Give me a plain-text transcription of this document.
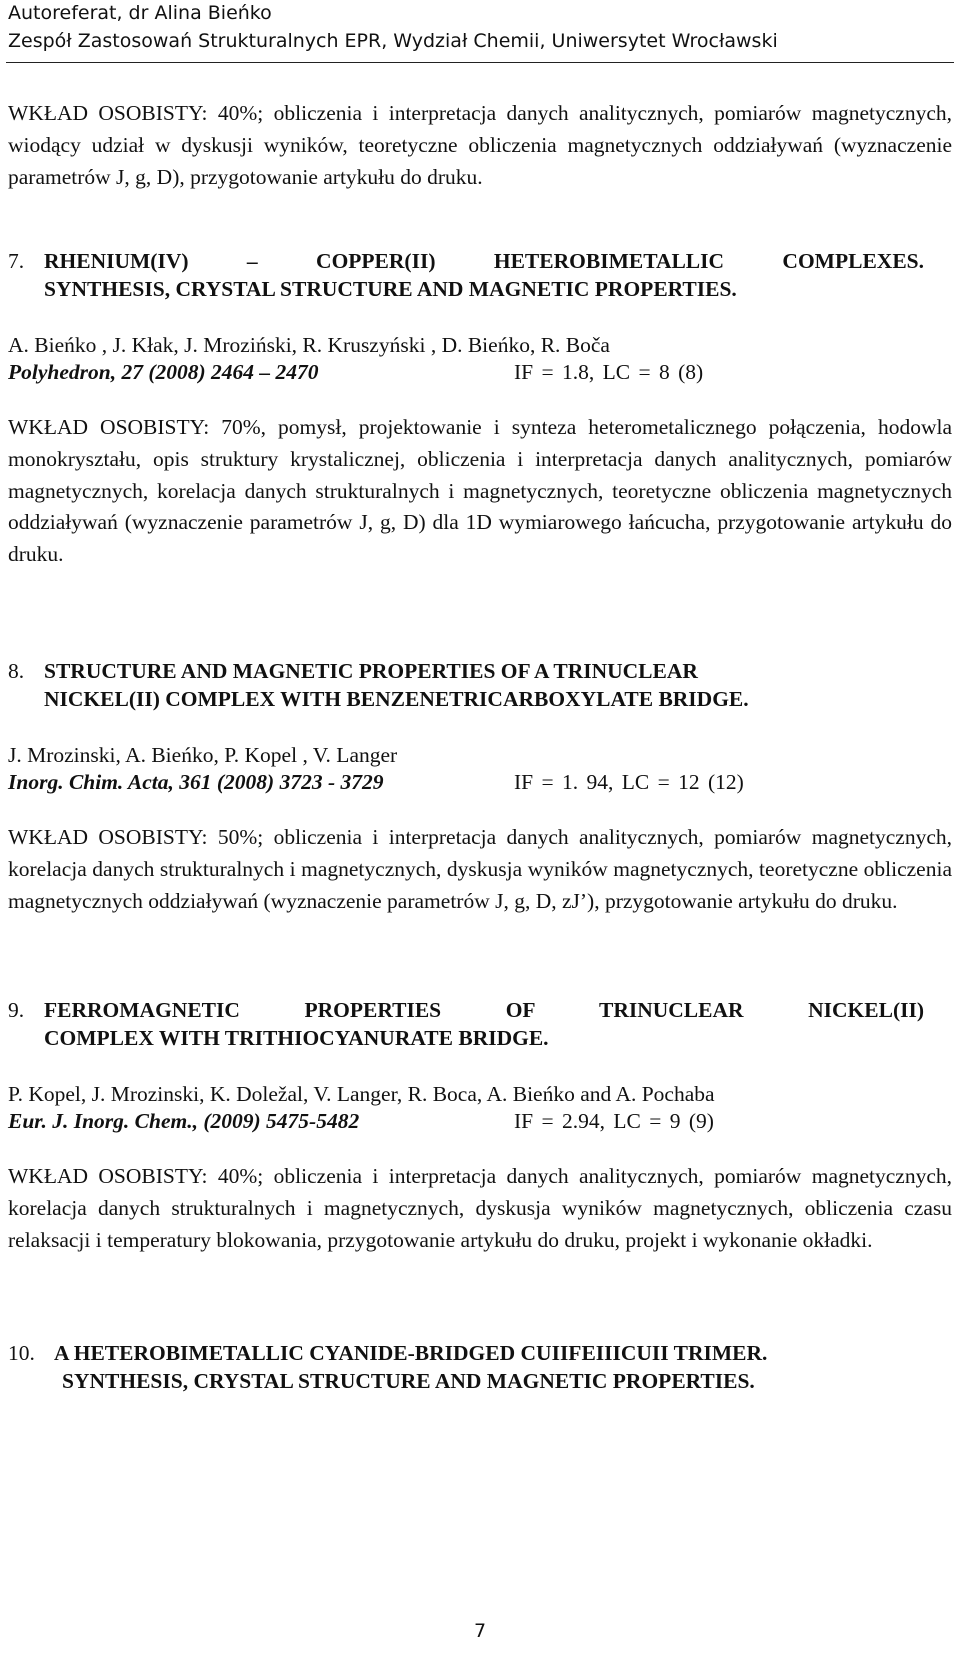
Autoreferat, dr Alina Bieńko
Zespół Zastosowań Strukturalnych EPR, Wydział Chemii, Uniwersytet Wrocławski
WKŁAD OSOBISTY: 40%; obliczenia i interpretacja danych analitycznych, pomiarów magnetycznych, wiodący udział w dyskusji wyników, teoretyczne obliczenia magnetycznych oddziaływań (wyznaczenie parametrów J, g, D), przygotowanie artykułu do druku.
7. RHENIUM(IV) – COPPER(II) HETEROBIMETALLIC COMPLEXES.
SYNTHESIS, CRYSTAL STRUCTURE AND MAGNETIC PROPERTIES.
A. Bieńko , J. Kłak, J. Mroziński, R. Kruszyński , D. Bieńko, R. Boča
Polyhedron, 27 (2008) 2464 – 2470	IF = 1.8, LC = 8 (8)
WKŁAD OSOBISTY: 70%, pomysł, projektowanie i synteza heterometalicznego połączenia, hodowla monokryształu, opis struktury krystalicznej, obliczenia i interpretacja danych analitycznych, pomiarów magnetycznych, korelacja danych strukturalnych i magnetycznych, teoretyczne obliczenia magnetycznych oddziaływań (wyznaczenie parametrów J, g, D) dla 1D wymiarowego łańcucha, przygotowanie artykułu do druku.
8. STRUCTURE AND MAGNETIC PROPERTIES OF A TRINUCLEAR
NICKEL(II) COMPLEX WITH BENZENETRICARBOXYLATE BRIDGE.
J. Mrozinski, A. Bieńko, P. Kopel , V. Langer
Inorg. Chim. Acta, 361 (2008) 3723 - 3729	IF = 1. 94, LC = 12 (12)
WKŁAD OSOBISTY: 50%; obliczenia i interpretacja danych analitycznych, pomiarów magnetycznych, korelacja danych strukturalnych i magnetycznych, dyskusja wyników magnetycznych, teoretyczne obliczenia magnetycznych oddziaływań (wyznaczenie parametrów J, g, D, zJ’), przygotowanie artykułu do druku.
9. FERROMAGNETIC PROPERTIES OF TRINUCLEAR NICKEL(II)
COMPLEX WITH TRITHIOCYANURATE BRIDGE.
P. Kopel, J. Mrozinski, K. Doležal, V. Langer, R. Boca, A. Bieńko and A. Pochaba
Eur. J. Inorg. Chem., (2009) 5475-5482	IF = 2.94, LC = 9 (9)
WKŁAD OSOBISTY: 40%; obliczenia i interpretacja danych analitycznych, pomiarów magnetycznych, korelacja danych strukturalnych i magnetycznych, dyskusja wyników magnetycznych, obliczenia czasu relaksacji i temperatury blokowania, przygotowanie artykułu do druku, projekt i wykonanie okładki.
10. A HETEROBIMETALLIC CYANIDE-BRIDGED CUIIFEIIICUII TRIMER.
SYNTHESIS, CRYSTAL STRUCTURE AND MAGNETIC PROPERTIES.
7
